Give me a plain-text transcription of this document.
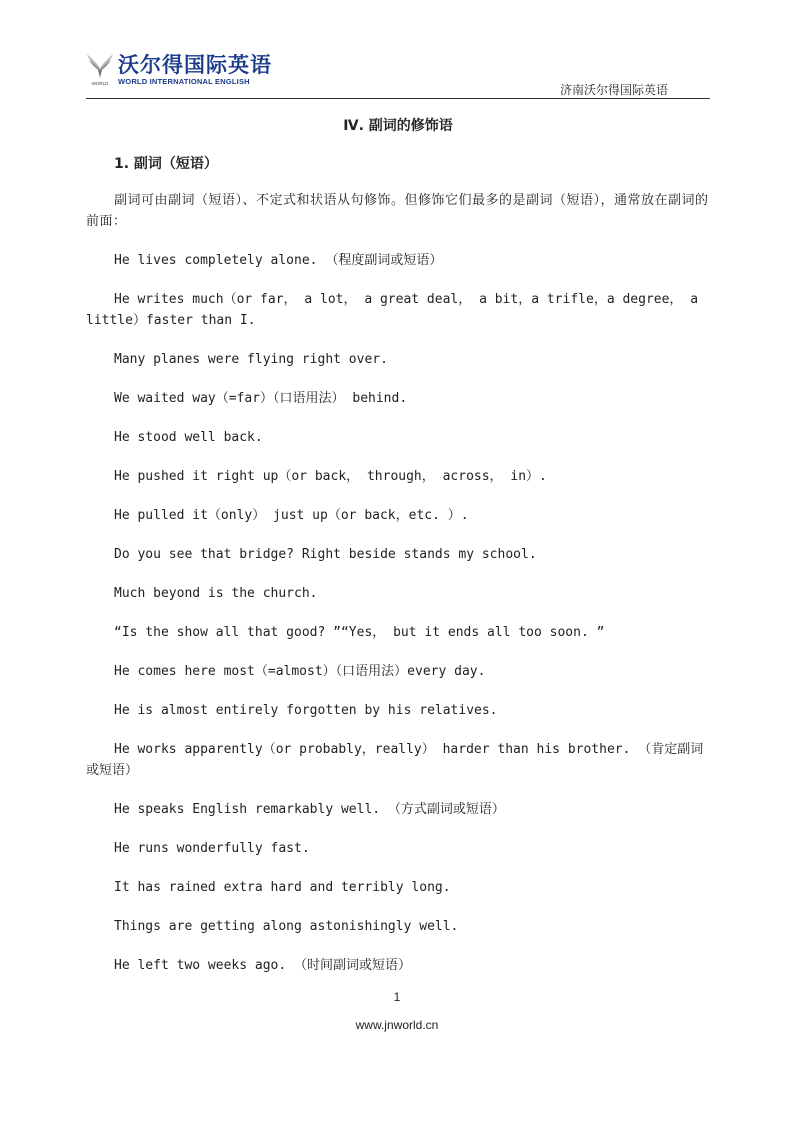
WORLD
沃尔得国际英语
WORLD INTERNATIONAL ENGLISH
济南沃尔得国际英语

Ⅳ. 副词的修饰语

1. 副词（短语）

副词可由副词（短语）、不定式和状语从句修饰。但修饰它们最多的是副词（短语），通常放在副词的前面：

He lives completely alone. （程度副词或短语）

He writes much（or far， a lot， a great deal， a bit，a trifle，a degree， a little）faster than I.

Many planes were flying right over.

We waited way（=far）（口语用法） behind.

He stood well back.

He pushed it right up（or back， through， across， in）.

He pulled it（only） just up（or back，etc. ）.

Do you see that bridge? Right beside stands my school.

Much beyond is the church.

“Is the show all that good? ”“Yes， but it ends all too soon. ”

He comes here most（=almost）（口语用法）every day.

He is almost entirely forgotten by his relatives.

He works apparently（or probably，really） harder than his brother. （肯定副词或短语）

He speaks English remarkably well. （方式副词或短语）

He runs wonderfully fast.

It has rained extra hard and terribly long.

Things are getting along astonishingly well.

He left two weeks ago. （时间副词或短语）

1
www.jnworld.cn
